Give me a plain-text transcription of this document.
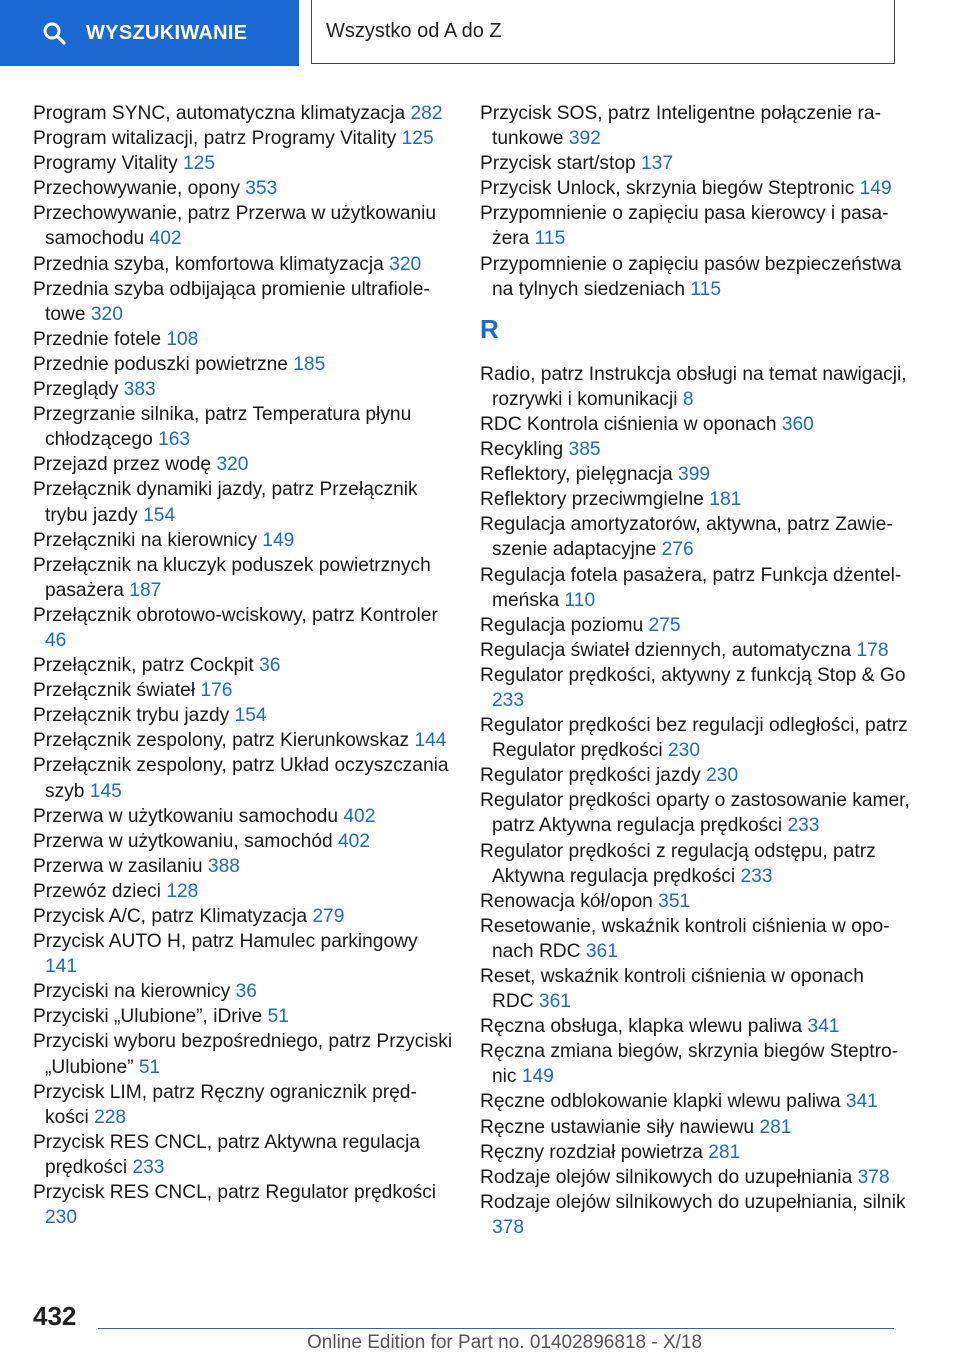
WYSZUKIWANIE	Wszystko od A do Z
Program SYNC, automatyczna klimatyzacja 282
Program witalizacji, patrz Programy Vitality 125
Programy Vitality 125
Przechowywanie, opony 353
Przechowywanie, patrz Przerwa w użytkowaniu samochodu 402
Przednia szyba, komfortowa klimatyzacja 320
Przednia szyba odbijająca promienie ultrafioletowe 320
Przednie fotele 108
Przednie poduszki powietrzne 185
Przeglądy 383
Przegrzanie silnika, patrz Temperatura płynu chłodzącego 163
Przejazd przez wodę 320
Przełącznik dynamiki jazdy, patrz Przełącznik trybu jazdy 154
Przełączniki na kierownicy 149
Przełącznik na kluczyk poduszek powietrznych pasażera 187
Przełącznik obrotowo-wciskowy, patrz Kontroler 46
Przełącznik, patrz Cockpit 36
Przełącznik świateł 176
Przełącznik trybu jazdy 154
Przełącznik zespolony, patrz Kierunkowskaz 144
Przełącznik zespolony, patrz Układ oczyszczania szyb 145
Przerwa w użytkowaniu samochodu 402
Przerwa w użytkowaniu, samochód 402
Przerwa w zasilaniu 388
Przewóz dzieci 128
Przycisk A/C, patrz Klimatyzacja 279
Przycisk AUTO H, patrz Hamulec parkingowy 141
Przyciski na kierownicy 36
Przyciski „Ulubione”, iDrive 51
Przyciski wyboru bezpośredniego, patrz Przyciski „Ulubione” 51
Przycisk LIM, patrz Ręczny ogranicznik prędkości 228
Przycisk RES CNCL, patrz Aktywna regulacja prędkości 233
Przycisk RES CNCL, patrz Regulator prędkości 230
Przycisk SOS, patrz Inteligentne połączenie ratunkowe 392
Przycisk start/stop 137
Przycisk Unlock, skrzynia biegów Steptronic 149
Przypomnienie o zapięciu pasa kierowcy i pasażera 115
Przypomnienie o zapięciu pasów bezpieczeństwa na tylnych siedzeniach 115
R
Radio, patrz Instrukcja obsługi na temat nawigacji, rozrywki i komunikacji 8
RDC Kontrola ciśnienia w oponach 360
Recykling 385
Reflektory, pielęgnacja 399
Reflektory przeciwmgielne 181
Regulacja amortyzatorów, aktywna, patrz Zawieszenie adaptacyjne 276
Regulacja fotela pasażera, patrz Funkcja dżentelmeńska 110
Regulacja poziomu 275
Regulacja świateł dziennych, automatyczna 178
Regulator prędkości, aktywny z funkcją Stop & Go 233
Regulator prędkości bez regulacji odległości, patrz Regulator prędkości 230
Regulator prędkości jazdy 230
Regulator prędkości oparty o zastosowanie kamer, patrz Aktywna regulacja prędkości 233
Regulator prędkości z regulacją odstępu, patrz Aktywna regulacja prędkości 233
Renowacja kół/opon 351
Resetowanie, wskaźnik kontroli ciśnienia w oponach RDC 361
Reset, wskaźnik kontroli ciśnienia w oponach RDC 361
Ręczna obsługa, klapka wlewu paliwa 341
Ręczna zmiana biegów, skrzynia biegów Steptronic 149
Ręczne odblokowanie klapki wlewu paliwa 341
Ręczne ustawianie siły nawiewu 281
Ręczny rozdział powietrza 281
Rodzaje olejów silnikowych do uzupełniania 378
Rodzaje olejów silnikowych do uzupełniania, silnik 378
432
Online Edition for Part no. 01402896818 - X/18
